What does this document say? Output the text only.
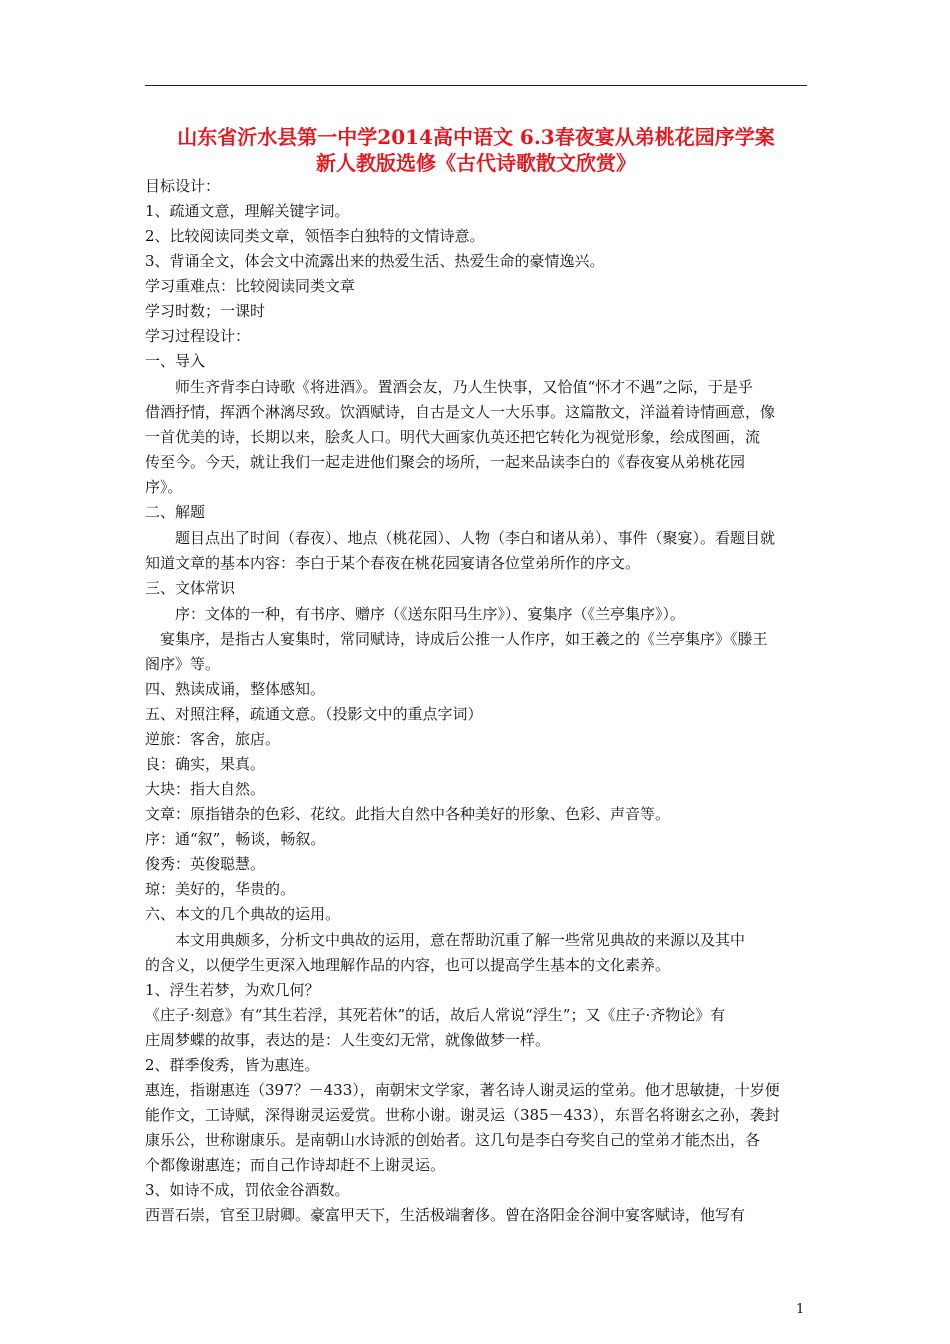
山东省沂水县第一中学2014高中语文 6.3春夜宴从弟桃花园序学案
新人教版选修《古代诗歌散文欣赏》
目标设计：
1、疏通文意，理解关键字词。
2、比较阅读同类文章，领悟李白独特的文情诗意。
3、背诵全文，体会文中流露出来的热爱生活、热爱生命的豪情逸兴。
学习重难点：比较阅读同类文章
学习时数；一课时
学习过程设计：
一、导入
师生齐背李白诗歌《将进酒》。置酒会友，乃人生快事，又恰值“怀才不遇”之际，于是乎
借酒抒情，挥洒个淋漓尽致。饮酒赋诗，自古是文人一大乐事。这篇散文，洋溢着诗情画意，像
一首优美的诗，长期以来，脍炙人口。明代大画家仇英还把它转化为视觉形象，绘成图画，流
传至今。今天，就让我们一起走进他们聚会的场所，一起来品读李白的《春夜宴从弟桃花园
序》。
二、解题
题目点出了时间（春夜）、地点（桃花园）、人物（李白和诸从弟）、事件（聚宴）。看题目就
知道文章的基本内容：李白于某个春夜在桃花园宴请各位堂弟所作的序文。
三、文体常识
序：文体的一种，有书序、赠序（《送东阳马生序》）、宴集序（《兰亭集序》）。
宴集序，是指古人宴集时，常同赋诗，诗成后公推一人作序，如王羲之的《兰亭集序》《滕王
阁序》等。
四、熟读成诵，整体感知。
五、对照注释，疏通文意。（投影文中的重点字词）
逆旅：客舍，旅店。
良：确实，果真。
大块：指大自然。
文章：原指错杂的色彩、花纹。此指大自然中各种美好的形象、色彩、声音等。
序：通“叙”，畅谈，畅叙。
俊秀：英俊聪慧。
琼：美好的，华贵的。
六、本文的几个典故的运用。
本文用典颇多，分析文中典故的运用，意在帮助沉重了解一些常见典故的来源以及其中
的含义，以便学生更深入地理解作品的内容，也可以提高学生基本的文化素养。
1、浮生若梦，为欢几何？
《庄子·刻意》有“其生若浮，其死若休”的话，故后人常说“浮生”；又《庄子·齐物论》有
庄周梦蝶的故事，表达的是：人生变幻无常，就像做梦一样。
2、群季俊秀，皆为惠连。
惠连，指谢惠连（397？－433），南朝宋文学家，著名诗人谢灵运的堂弟。他才思敏捷，十岁便
能作文，工诗赋，深得谢灵运爱赏。世称小谢。谢灵运（385－433），东晋名将谢玄之孙，袭封
康乐公，世称谢康乐。是南朝山水诗派的创始者。这几句是李白夸奖自己的堂弟才能杰出，各
个都像谢惠连；而自己作诗却赶不上谢灵运。
3、如诗不成，罚依金谷酒数。
西晋石崇，官至卫尉卿。豪富甲天下，生活极端奢侈。曾在洛阳金谷涧中宴客赋诗，他写有
1
